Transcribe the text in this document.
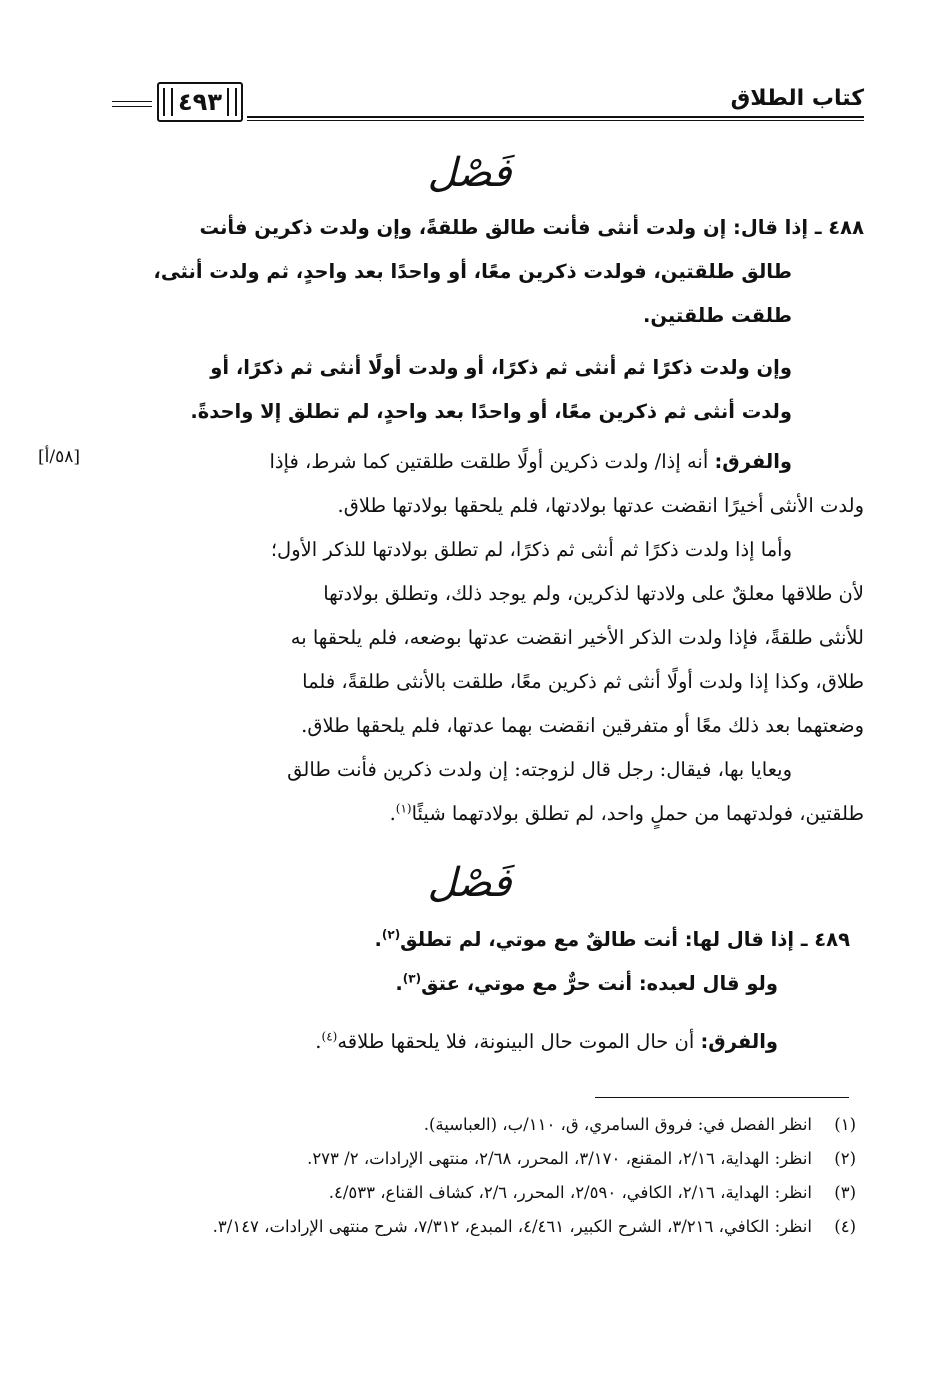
كتاب الطلاق
٤٩٣
فَصْل
٤٨٨ ـ إذا قال: إن ولدت أنثى فأنت طالق طلقةً، وإن ولدت ذكرين فأنت
طالق طلقتين، فولدت ذكرين معًا، أو واحدًا بعد واحدٍ، ثم ولدت أنثى،
طلقت طلقتين.
وإن ولدت ذكرًا ثم أنثى ثم ذكرًا، أو ولدت أولًا أنثى ثم ذكرًا، أو
ولدت أنثى ثم ذكرين معًا، أو واحدًا بعد واحدٍ، لم تطلق إلا واحدةً.
[٥٨/أ]	والفرق: أنه إذا/ ولدت ذكرين أولًا طلقت طلقتين كما شرط، فإذا
ولدت الأنثى أخيرًا انقضت عدتها بولادتها، فلم يلحقها بولادتها طلاق.
وأما إذا ولدت ذكرًا ثم أنثى ثم ذكرًا، لم تطلق بولادتها للذكر الأول؛
لأن طلاقها معلقٌ على ولادتها لذكرين، ولم يوجد ذلك، وتطلق بولادتها
للأنثى طلقةً، فإذا ولدت الذكر الأخير انقضت عدتها بوضعه، فلم يلحقها به
طلاق، وكذا إذا ولدت أولًا أنثى ثم ذكرين معًا، طلقت بالأنثى طلقةً، فلما
وضعتهما بعد ذلك معًا أو متفرقين انقضت بهما عدتها، فلم يلحقها طلاق.
ويعايا بها، فيقال: رجل قال لزوجته: إن ولدت ذكرين فأنت طالق
طلقتين، فولدتهما من حملٍ واحد، لم تطلق بولادتهما شيئًا$^{(١)}$.
فَصْل
٤٨٩ ـ إذا قال لها: أنت طالقٌ مع موتي، لم تطلق$^{(٢)}$.
ولو قال لعبده: أنت حرٌّ مع موتي، عتق$^{(٣)}$.
والفرق: أن حال الموت حال البينونة، فلا يلحقها طلاقه$^{(٤)}$.
(١)
انظر الفصل في: فروق السامري، ق، ١١٠/ب، (العباسية).
(٢)
انظر: الهداية، ٢/١٦، المقنع، ٣/١٧٠، المحرر، ٢/٦٨، منتهى الإرادات، ٢/ ٢٧٣.
(٣)
انظر: الهداية، ٢/١٦، الكافي، ٢/٥٩٠، المحرر، ٢/٦، كشاف القناع، ٤/٥٣٣.
(٤)
انظر: الكافي، ٣/٢١٦، الشرح الكبير، ٤/٤٦١، المبدع، ٧/٣١٢، شرح منتهى الإرادات، ٣/١٤٧.
